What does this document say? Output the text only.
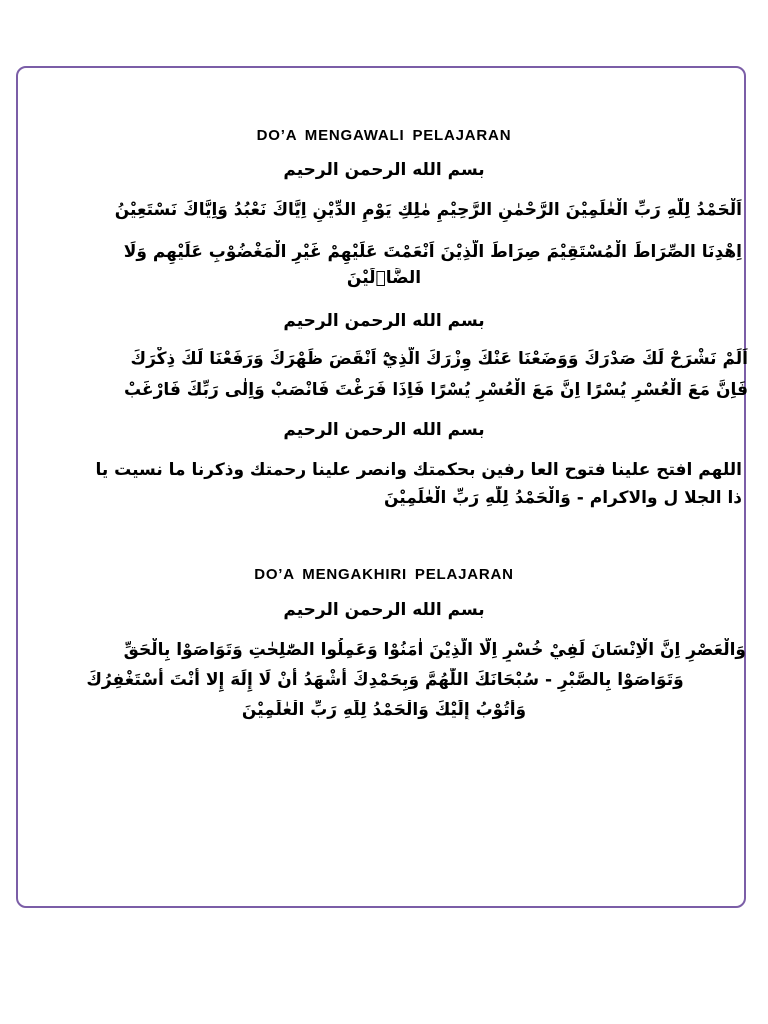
DO’A MENGAWALI PELAJARAN
بسم الله الرحمن الرحيم
اَلْحَمْدُ لِلّٰهِ رَبِّ الْعٰلَمِيْنَ الرَّحْمٰنِ الرَّحِيْمِ مٰلِكِ يَوْمِ الدِّيْنِ اِيَّاكَ نَعْبُدُ وَاِيَّاكَ نَسْتَعِيْنُ
اِهْدِنَا الصِّرَاطَ الْمُسْتَقِيْمَ صِرَاطَ الَّذِيْنَ اَنْعَمْتَ عَلَيْهِمْ غَيْرِ الْمَغْضُوْبِ عَلَيْهِم وَلَا
الضَّاۤلِّيْنَ
بسم الله الرحمن الرحيم
اَلَمْ نَشْرَحْ لَكَ صَدْرَكَ وَوَضَعْنَا عَنْكَ وِزْرَكَ الَّذِيْٓ اَنْقَضَ ظَهْرَكَ وَرَفَعْنَا لَكَ ذِكْرَكَ
فَاِنَّ مَعَ الْعُسْرِ يُسْرًا اِنَّ مَعَ الْعُسْرِ يُسْرًا فَاِذَا فَرَغْتَ فَانْصَبْ وَاِلٰى رَبِّكَ فَارْغَبْ
بسم الله الرحمن الرحيم
اللهم افتح علينا فتوح العا رفين بحكمتك وانصر علينا رحمتك وذكرنا ما نسيت يا
ذا الجلا ل والاكرام - وَالْحَمْدُ لِلّٰهِ رَبِّ الْعٰلَمِيْنَ
DO’A MENGAKHIRI PELAJARAN
بسم الله الرحمن الرحيم
وَالْعَصْرِ اِنَّ الْاِنْسَانَ لَفِيْ خُسْرٍ اِلَّا الَّذِيْنَ اٰمَنُوْا وَعَمِلُوا الصّٰلِحٰتِ وَتَوَاصَوْا بِالْحَقِّ
وَتَوَاصَوْا بِالصَّبْرِ - سُبْحَانَكَ اللّٰهُمَّ وَبِحَمْدِكَ أَشْهَدُ أَنْ لَا إِلَهَ إِلا أَنْتَ أَسْتَغْفِرُكَ
وَأَتُوْبُ إِلَيْكَ وَالْحَمْدُ لِلّٰهِ رَبِّ الْعٰلَمِيْنَ
